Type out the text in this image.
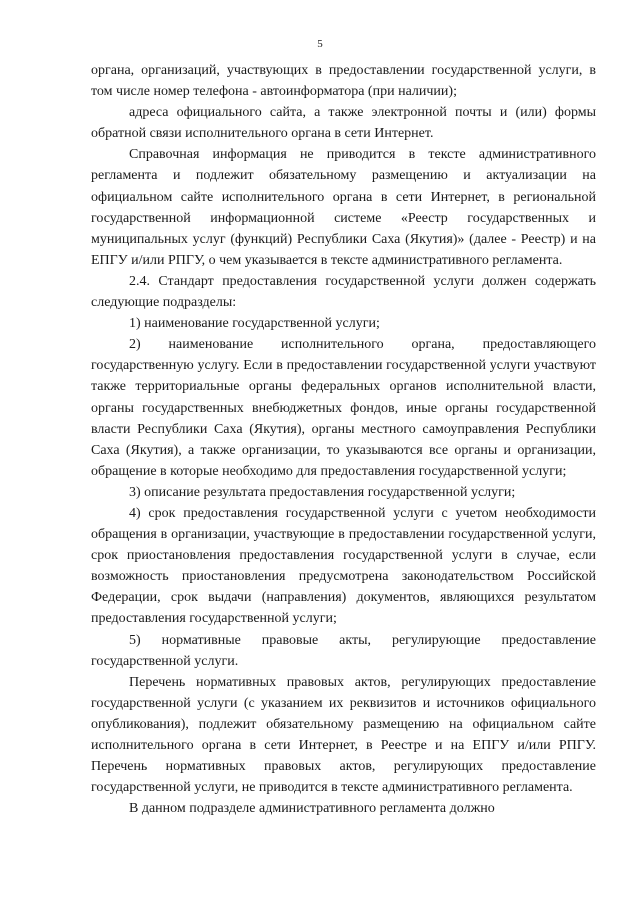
5

органа, организаций, участвующих в предоставлении государственной услуги, в том числе номер телефона - автоинформатора (при наличии);

адреса официального сайта, а также электронной почты и (или) формы обратной связи исполнительного органа в сети Интернет.

Справочная информация не приводится в тексте административного регламента и подлежит обязательному размещению и актуализации на официальном сайте исполнительного органа в сети Интернет, в региональной государственной информационной системе «Реестр государственных и муниципальных услуг (функций) Республики Саха (Якутия)» (далее - Реестр) и на ЕПГУ и/или РПГУ, о чем указывается в тексте административного регламента.

2.4. Стандарт предоставления государственной услуги должен содержать следующие подразделы:

1) наименование государственной услуги;

2) наименование исполнительного органа, предоставляющего государственную услугу. Если в предоставлении государственной услуги участвуют также территориальные органы федеральных органов исполнительной власти, органы государственных внебюджетных фондов, иные органы государственной власти Республики Саха (Якутия), органы местного самоуправления Республики Саха (Якутия), а также организации, то указываются все органы и организации, обращение в которые необходимо для предоставления государственной услуги;

3) описание результата предоставления государственной услуги;

4) срок предоставления государственной услуги с учетом необходимости обращения в организации, участвующие в предоставлении государственной услуги, срок приостановления предоставления государственной услуги в случае, если возможность приостановления предусмотрена законодательством Российской Федерации, срок выдачи (направления) документов, являющихся результатом предоставления государственной услуги;

5) нормативные правовые акты, регулирующие предоставление государственной услуги.

Перечень нормативных правовых актов, регулирующих предоставление государственной услуги (с указанием их реквизитов и источников официального опубликования), подлежит обязательному размещению на официальном сайте исполнительного органа в сети Интернет, в Реестре и на ЕПГУ и/или РПГУ. Перечень нормативных правовых актов, регулирующих предоставление государственной услуги, не приводится в тексте административного регламента.

В данном подразделе административного регламента должно
